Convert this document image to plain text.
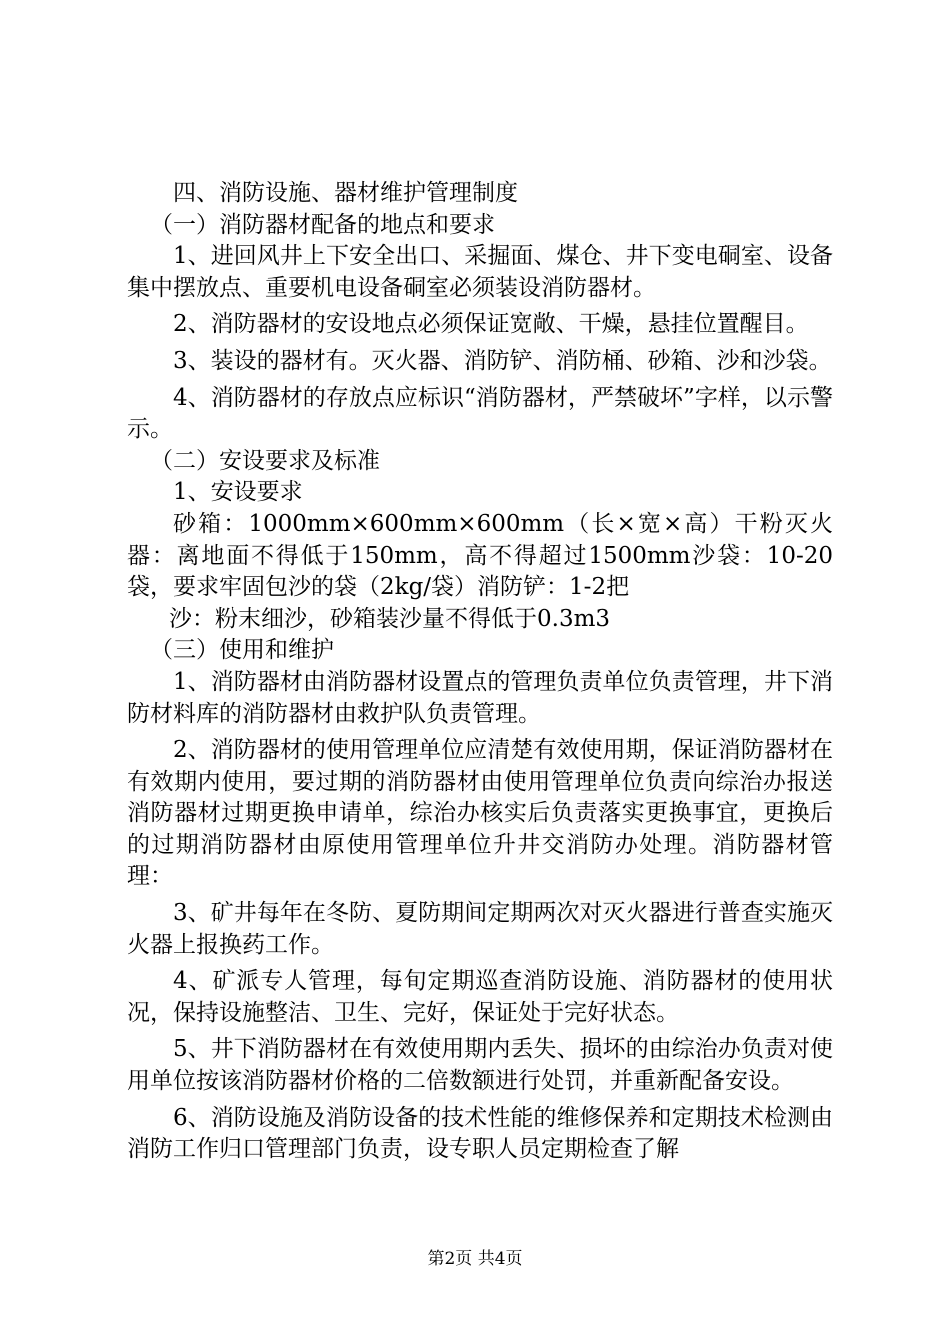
四、消防设施、器材维护管理制度

（一）消防器材配备的地点和要求

1、进回风井上下安全出口、采掘面、煤仓、井下变电硐室、设备集中摆放点、重要机电设备硐室必须装设消防器材。

2、消防器材的安设地点必须保证宽敞、干燥，悬挂位置醒目。

3、装设的器材有。灭火器、消防铲、消防桶、砂箱、沙和沙袋。

4、消防器材的存放点应标识“消防器材，严禁破坏”字样，以示警示。

（二）安设要求及标准

1、安设要求

砂箱：1000mm×600mm×600mm（长×宽×高）干粉灭火器：离地面不得低于150mm，高不得超过1500mm沙袋：10-20袋，要求牢固包沙的袋（2kg/袋）消防铲：1-2把

沙：粉末细沙，砂箱装沙量不得低于0.3m3

（三）使用和维护

1、消防器材由消防器材设置点的管理负责单位负责管理，井下消防材料库的消防器材由救护队负责管理。

2、消防器材的使用管理单位应清楚有效使用期，保证消防器材在有效期内使用，要过期的消防器材由使用管理单位负责向综治办报送消防器材过期更换申请单，综治办核实后负责落实更换事宜，更换后的过期消防器材由原使用管理单位升井交消防办处理。消防器材管理：

3、矿井每年在冬防、夏防期间定期两次对灭火器进行普查实施灭火器上报换药工作。

4、矿派专人管理，每旬定期巡查消防设施、消防器材的使用状况，保持设施整洁、卫生、完好，保证处于完好状态。

5、井下消防器材在有效使用期内丢失、损坏的由综治办负责对使用单位按该消防器材价格的二倍数额进行处罚，并重新配备安设。

6、消防设施及消防设备的技术性能的维修保养和定期技术检测由消防工作归口管理部门负责，设专职人员定期检查了解

第2页 共4页
